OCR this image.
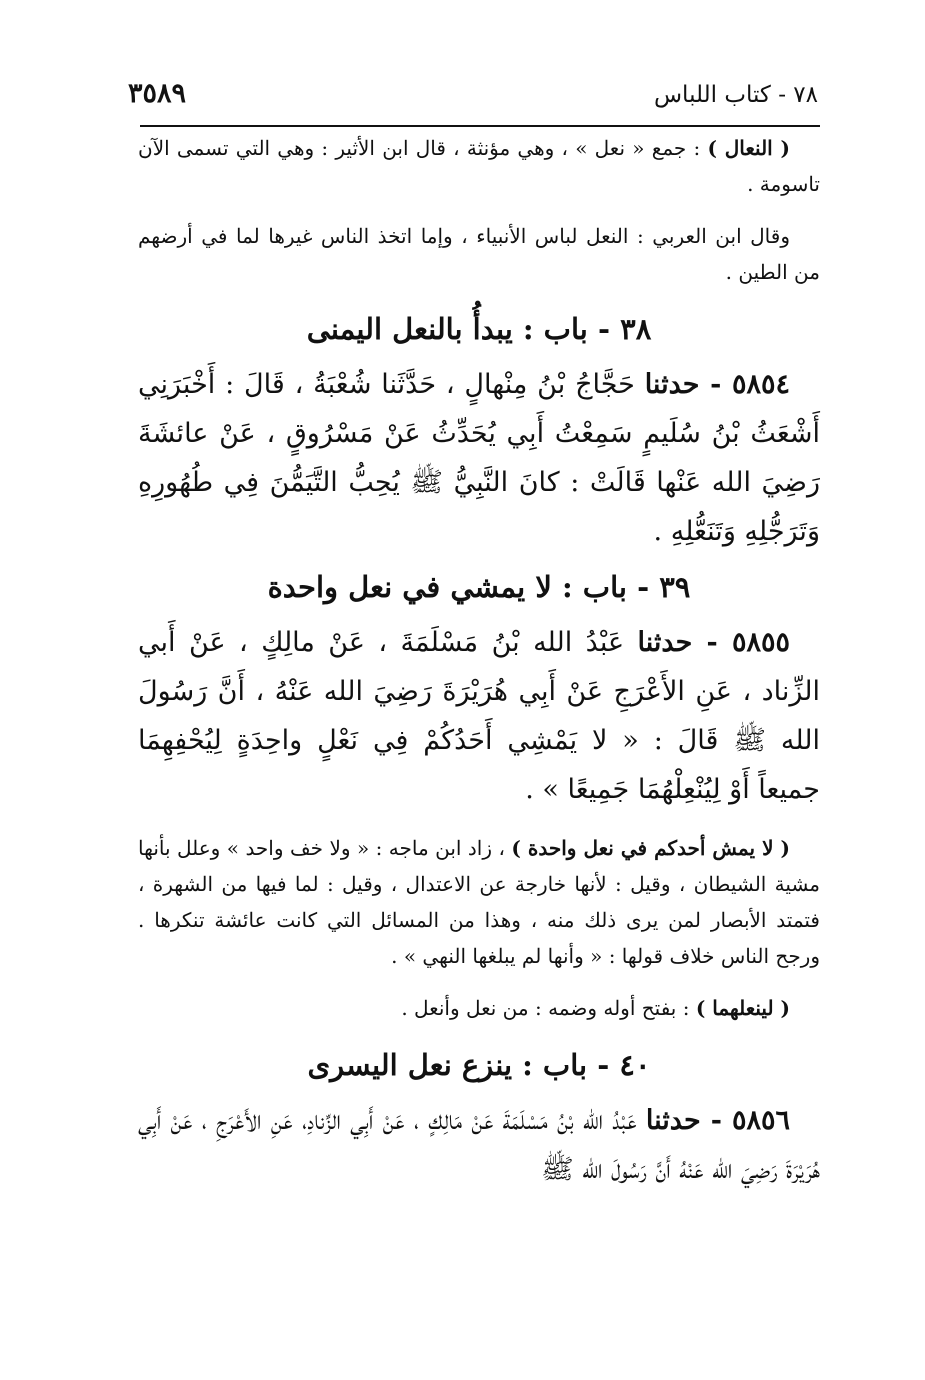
٧٨ - كتاب اللباس
٣٥٨٩

( النعال ) : جمع « نعل » ، وهي مؤنثة ، قال ابن الأثير : وهي التي تسمى الآن تاسومة .

وقال ابن العربي : النعل لباس الأنبياء ، وإما اتخذ الناس غيرها لما في أرضهم من الطين .

٣٨ - باب : يبدأُ بالنعل اليمنى

٥٨٥٤ - حدثنا حَجَّاجُ بْنُ مِنْهالٍ ، حَدَّثَنا شُعْبَةُ ، قَالَ : أَخْبَرَنِي أَشْعَثُ بْنُ سُلَيمٍ سَمِعْتُ أَبِي يُحَدِّثُ عَنْ مَسْرُوقٍ ، عَنْ عائشَةَ رَضِيَ الله عَنْها قَالَتْ : كانَ النَّبِيُّ ﷺ يُحِبُّ التَّيَمُّنَ فِي طُهُورِهِ وَتَرَجُّلِهِ وَتَنَعُّلِهِ .

٣٩ - باب : لا يمشي في نعل واحدة

٥٨٥٥ - حدثنا عَبْدُ الله بْنُ مَسْلَمَةَ ، عَنْ مالِكٍ ، عَنْ أَبي الزِّناد ، عَنِ الأَعْرَجِ عَنْ أَبِي هُرَيْرَةَ رَضِيَ الله عَنْهُ ، أَنَّ رَسُولَ الله ﷺ قَالَ : « لا يَمْشِي أَحَدُكُمْ فِي نَعْلٍ واحِدَةٍ لِيُحْفِهِمَا جميعاً أَوْ لِيُنْعِلْهُمَا جَمِيعًا » .

( لا يمش أحدكم في نعل واحدة ) ، زاد ابن ماجه : « ولا خف واحد » وعلل بأنها مشية الشيطان ، وقيل : لأنها خارجة عن الاعتدال ، وقيل : لما فيها من الشهرة ، فتمتد الأبصار لمن يرى ذلك منه ، وهذا من المسائل التي كانت عائشة تنكرها . ورجح الناس خلاف قولها : « وأنها لم يبلغها النهي » .

( لينعلهما ) : بفتح أوله وضمه : من نعل وأنعل .

٤٠ - باب : ينزع نعل اليسرى

٥٨٥٦ - حدثنا عَبْدُ الله بْنُ مَسْلَمَةَ عَنْ مَالِكٍ ، عَنْ أَبِي الزِّنادِ، عَنِ الأَعْرَجِ ، عَنْ أَبِي هُرَيْرَةَ رَضِيَ الله عَنْهُ أَنَّ رَسُولَ الله ﷺ
